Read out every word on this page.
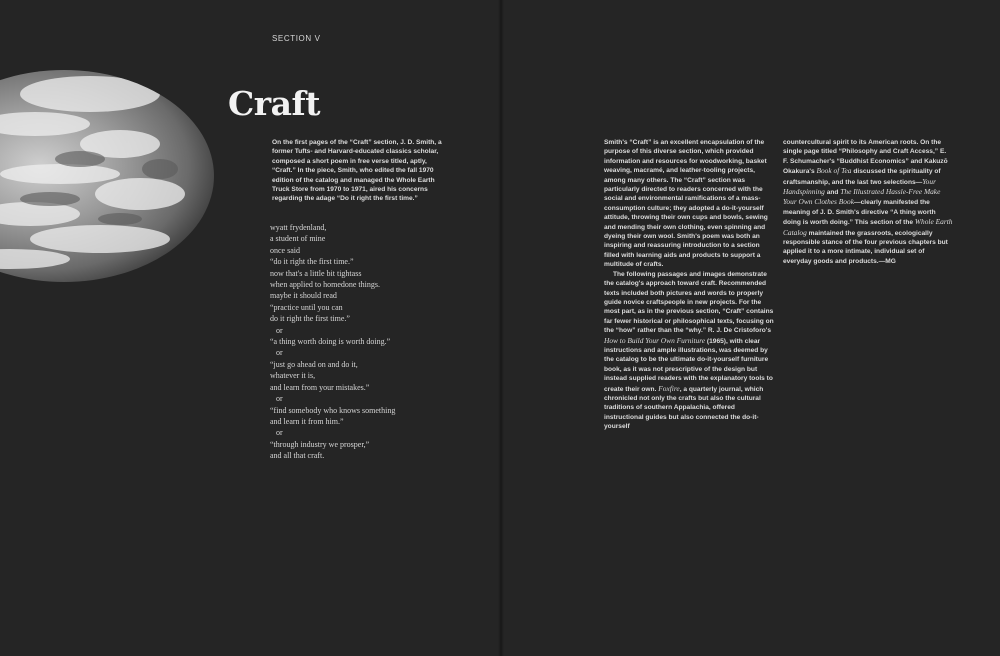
SECTION V
Craft

On the first pages of the “Craft” section, J. D. Smith, a former Tufts- and Harvard-educated classics scholar, composed a short poem in free verse titled, aptly, “Craft.” In the piece, Smith, who edited the fall 1970 edition of the catalog and managed the Whole Earth Truck Store from 1970 to 1971, aired his concerns regarding the adage “Do it right the first time.”

wyatt frydenland,
a student of mine
once said
“do it right the first time.”
now that's a little bit tightass
when applied to homedone things.
maybe it should read
“practice until you can
do it right the first time.”
or
“a thing worth doing is worth doing.”
or
“just go ahead on and do it,
whatever it is,
and learn from your mistakes.”
or
“find somebody who knows something
and learn it from him.”
or
“through industry we prosper,”
and all that craft.

Smith's “Craft” is an excellent encapsulation of the purpose of this diverse section, which provided information and resources for woodworking, basket weaving, macramé, and leather-tooling projects, among many others. The “Craft” section was particularly directed to readers concerned with the social and environmental ramifications of a mass-consumption culture; they adopted a do-it-yourself attitude, throwing their own cups and bowls, sewing and mending their own clothing, even spinning and dyeing their own wool. Smith's poem was both an inspiring and reassuring introduction to a section filled with learning aids and products to support a multitude of crafts.

The following passages and images demonstrate the catalog's approach toward craft. Recommended texts included both pictures and words to properly guide novice craftspeople in new projects. For the most part, as in the previous section, “Craft” contains far fewer historical or philosophical texts, focusing on the “how” rather than the “why.” R. J. De Cristoforo's How to Build Your Own Furniture (1965), with clear instructions and ample illustrations, was deemed by the catalog to be the ultimate do-it-yourself furniture book, as it was not prescriptive of the design but instead supplied readers with the explanatory tools to create their own. Foxfire, a quarterly journal, which chronicled not only the crafts but also the cultural traditions of southern Appalachia, offered instructional guides but also connected the do-it-yourself

countercultural spirit to its American roots. On the single page titled “Philosophy and Craft Access,” E. F. Schumacher's “Buddhist Economics” and Kakuzō Okakura's Book of Tea discussed the spirituality of craftsmanship, and the last two selections—Your Handspinning and The Illustrated Hassle-Free Make Your Own Clothes Book—clearly manifested the meaning of J. D. Smith's directive “A thing worth doing is worth doing.” This section of the Whole Earth Catalog maintained the grassroots, ecologically responsible stance of the four previous chapters but applied it to a more intimate, individual set of everyday goods and products.—MG
